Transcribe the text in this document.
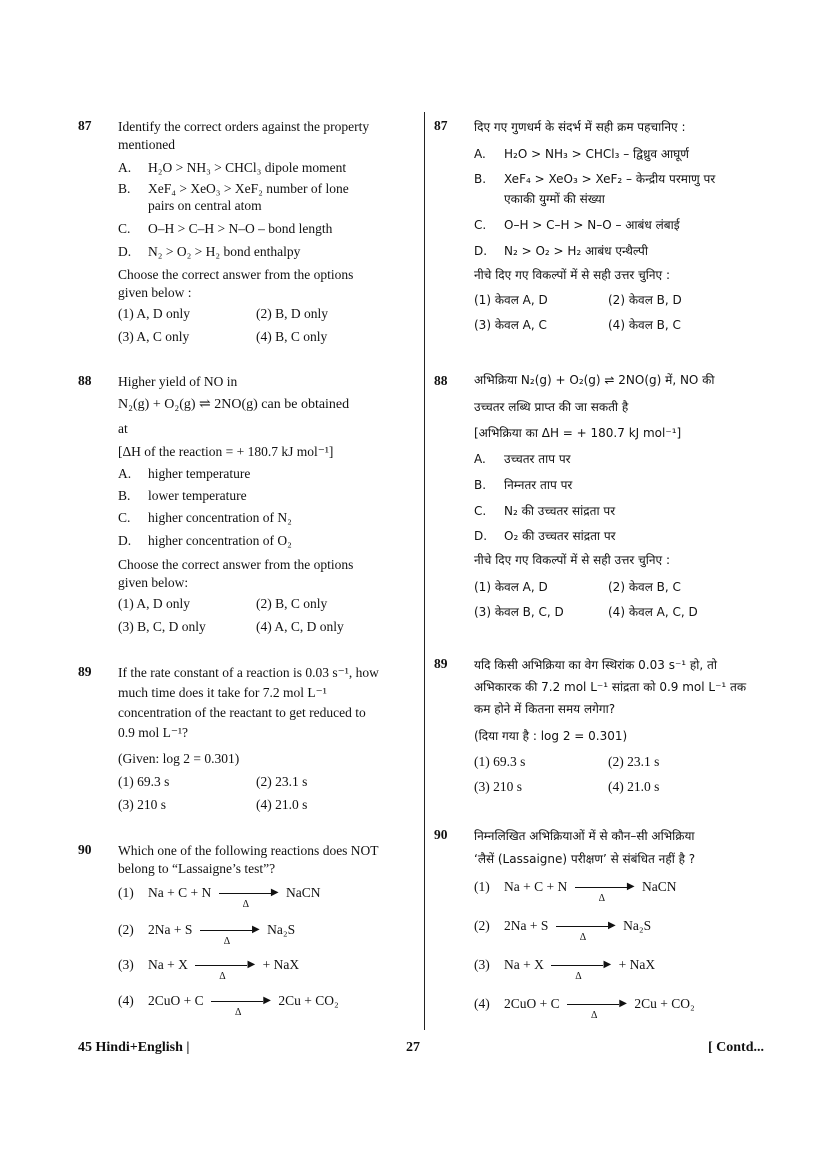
87 Identify the correct orders against the property
mentioned
A. H₂O > NH₃ > CHCl₃ dipole moment
B. XeF₄ > XeO₃ > XeF₂ number of lone
pairs on central atom
C. O–H > C–H > N–O – bond length
D. N₂ > O₂ > H₂ bond enthalpy
Choose the correct answer from the options
given below :
(1) A, D only	(2) B, D only
(3) A, C only	(4) B, C only
88 Higher yield of NO in
N₂(g) + O₂(g) ⇌ 2NO(g) can be obtained
at
[ΔH of the reaction = + 180.7 kJ mol⁻¹]
A. higher temperature
B. lower temperature
C. higher concentration of N₂
D. higher concentration of O₂
Choose the correct answer from the options
given below:
(1) A, D only	(2) B, C only
(3) B, C, D only	(4) A, C, D only
89 If the rate constant of a reaction is 0.03 s⁻¹, how
much time does it take for 7.2 mol L⁻¹
concentration of the reactant to get reduced to
0.9 mol L⁻¹?
(Given: log 2 = 0.301)
(1) 69.3 s	(2) 23.1 s
(3) 210 s	(4) 21.0 s
90 Which one of the following reactions does NOT
belong to “Lassaigne’s test”?
(1) Na + C + N	▶
Δ
NaCN
(2) 2Na + S	▶
Δ
Na₂S
(3) Na + X	▶
Δ
+ NaX
(4) 2CuO + C	▶
Δ
2Cu + CO₂
87 दिए गए गुणधर्म के संदर्भ में सही क्रम पहचानिए :
A. H₂O > NH₃ > CHCl₃ – द्विध्रुव आघूर्ण
B. XeF₄ > XeO₃ > XeF₂ – केन्द्रीय परमाणु पर
एकाकी युग्मों की संख्या
C. O–H > C–H > N–O – आबंध लंबाई
D. N₂ > O₂ > H₂ आबंध एन्थैल्पी
नीचे दिए गए विकल्पों में से सही उत्तर चुनिए :
(1) केवल A, D	(2) केवल B, D
(3) केवल A, C	(4) केवल B, C
88 अभिक्रिया N₂(g) + O₂(g) ⇌ 2NO(g) में, NO की
उच्चतर लब्धि प्राप्त की जा सकती है
[अभिक्रिया का ΔH = + 180.7 kJ mol⁻¹]
A. उच्चतर ताप पर
B. निम्नतर ताप पर
C. N₂ की उच्चतर सांद्रता पर
D. O₂ की उच्चतर सांद्रता पर
नीचे दिए गए विकल्पों में से सही उत्तर चुनिए :
(1) केवल A, D	(2) केवल B, C
(3) केवल B, C, D	(4) केवल A, C, D
89 यदि किसी अभिक्रिया का वेग स्थिरांक 0.03 s⁻¹ हो, तो
अभिकारक की 7.2 mol L⁻¹ सांद्रता को 0.9 mol L⁻¹ तक
कम होने में कितना समय लगेगा?
(दिया गया है : log 2 = 0.301)
(1) 69.3 s	(2) 23.1 s
(3) 210 s	(4) 21.0 s
90 निम्नलिखित अभिक्रियाओं में से कौन–सी अभिक्रिया
‘लैसें (Lassaigne) परीक्षण’ से संबंधित नहीं है ?
(1) Na + C + N	▶
Δ
NaCN
(2) 2Na + S	▶
Δ
Na₂S
(3) Na + X	▶
Δ
+ NaX
(4) 2CuO + C	▶
Δ
2Cu + CO₂
45 Hindi+English |	27	[ Contd...
